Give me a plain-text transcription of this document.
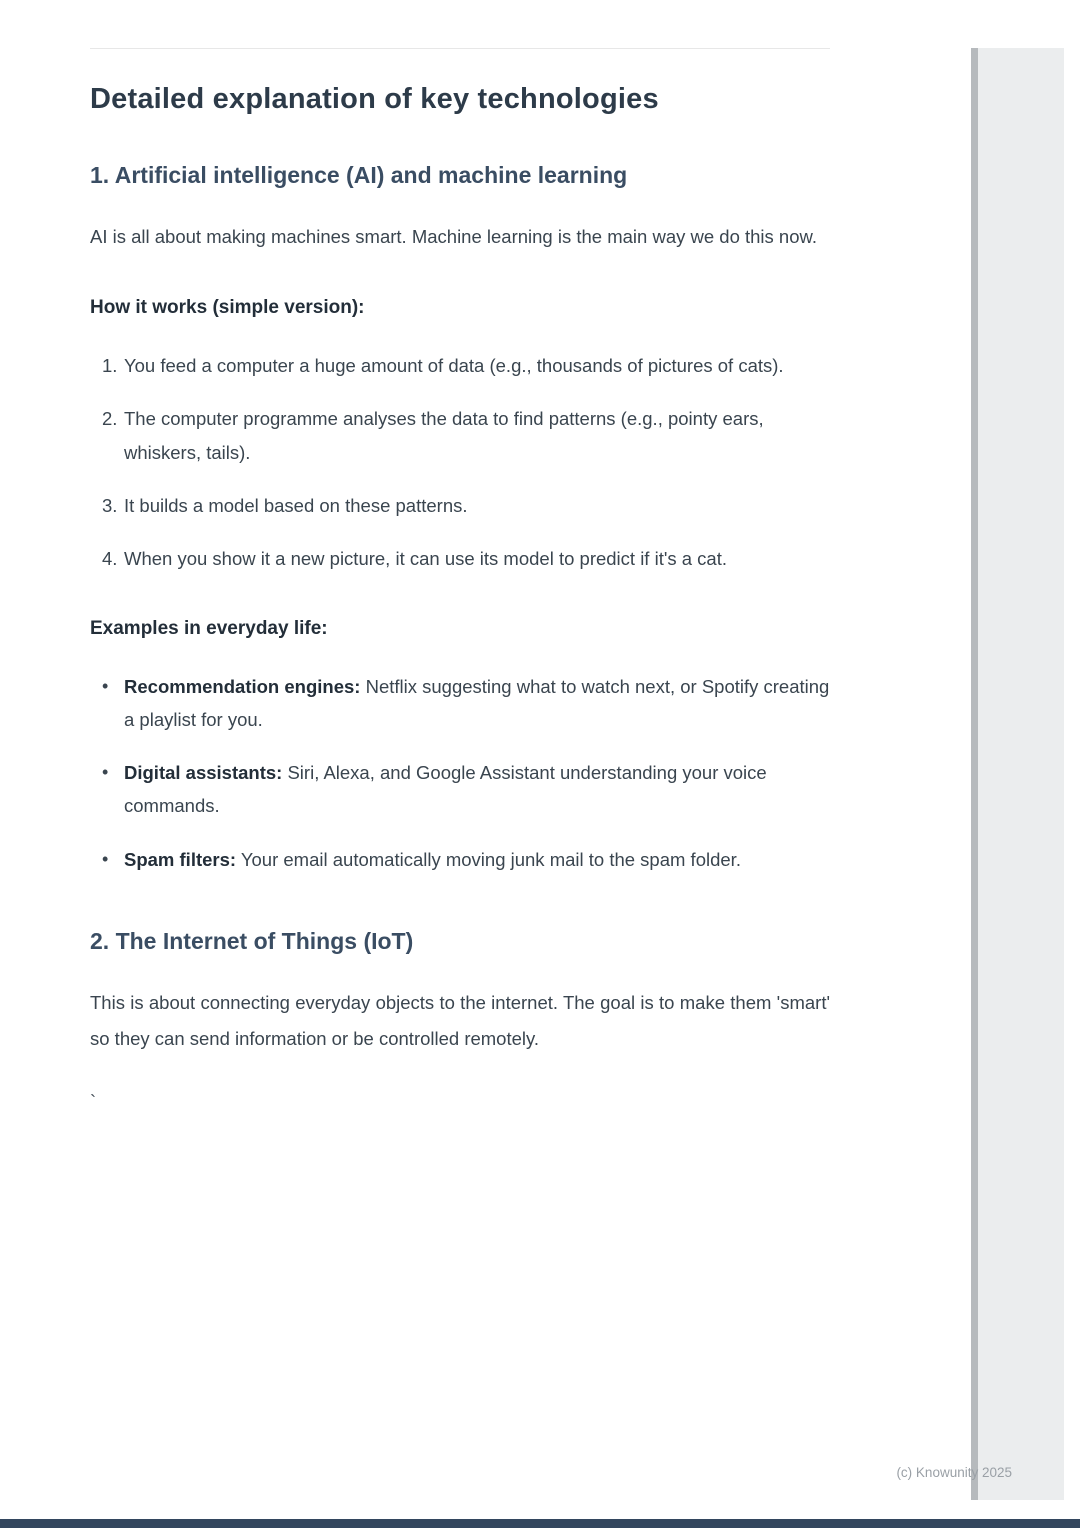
Detailed explanation of key technologies
1. Artificial intelligence (AI) and machine learning
AI is all about making machines smart. Machine learning is the main way we do this now.
How it works (simple version):
1. You feed a computer a huge amount of data (e.g., thousands of pictures of cats).
2. The computer programme analyses the data to find patterns (e.g., pointy ears, whiskers, tails).
3. It builds a model based on these patterns.
4. When you show it a new picture, it can use its model to predict if it's a cat.
Examples in everyday life:
• Recommendation engines: Netflix suggesting what to watch next, or Spotify creating a playlist for you.
• Digital assistants: Siri, Alexa, and Google Assistant understanding your voice commands.
• Spam filters: Your email automatically moving junk mail to the spam folder.
2. The Internet of Things (IoT)
This is about connecting everyday objects to the internet. The goal is to make them 'smart' so they can send information or be controlled remotely.
`
(c) Knowunity 2025
